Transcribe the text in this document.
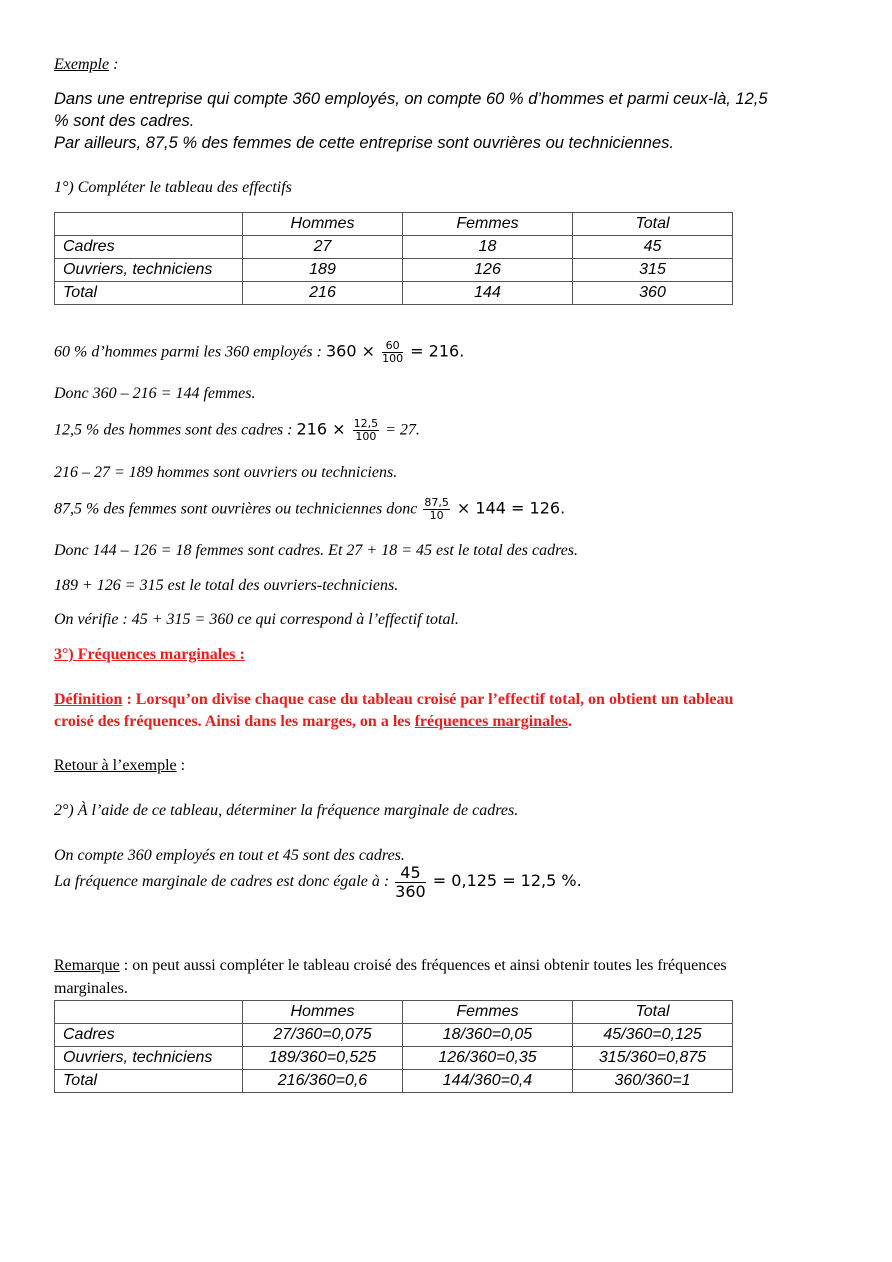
Exemple :
Dans une entreprise qui compte 360 employés, on compte 60 % d’hommes et parmi ceux-là, 12,5
% sont des cadres.
Par ailleurs, 87,5 % des femmes de cette entreprise sont ouvrières ou techniciennes.
1°) Compléter le tableau des effectifs
	Hommes	Femmes	Total
Cadres	27	18	45
Ouvriers, techniciens	189	126	315
Total	216	144	360
60 % d’hommes parmi les 360 employés : $360 \times \frac{60}{100} = 216$.
Donc 360 – 216 = 144 femmes.
12,5 % des hommes sont des cadres : $216 \times \frac{12,5}{100} = 27$.
216 – 27 = 189 hommes sont ouvriers ou techniciens.
87,5 % des femmes sont ouvrières ou techniciennes donc $\frac{87,5}{10} \times 144 = 126$.
Donc 144 – 126 = 18 femmes sont cadres. Et 27 + 18 = 45 est le total des cadres.
189 + 126 = 315 est le total des ouvriers-techniciens.
On vérifie : 45 + 315 = 360 ce qui correspond à l’effectif total.
3°) Fréquences marginales :
Définition : Lorsqu’on divise chaque case du tableau croisé par l’effectif total, on obtient un tableau
croisé des fréquences. Ainsi dans les marges, on a les fréquences marginales.
Retour à l’exemple :
2°) À l’aide de ce tableau, déterminer la fréquence marginale de cadres.
On compte 360 employés en tout et 45 sont des cadres.
La fréquence marginale de cadres est donc égale à : $\frac{45}{360} = 0,125 = 12,5$ %.
Remarque : on peut aussi compléter le tableau croisé des fréquences et ainsi obtenir toutes les fréquences
marginales.
	Hommes	Femmes	Total
Cadres	27/360=0,075	18/360=0,05	45/360=0,125
Ouvriers, techniciens	189/360=0,525	126/360=0,35	315/360=0,875
Total	216/360=0,6	144/360=0,4	360/360=1
